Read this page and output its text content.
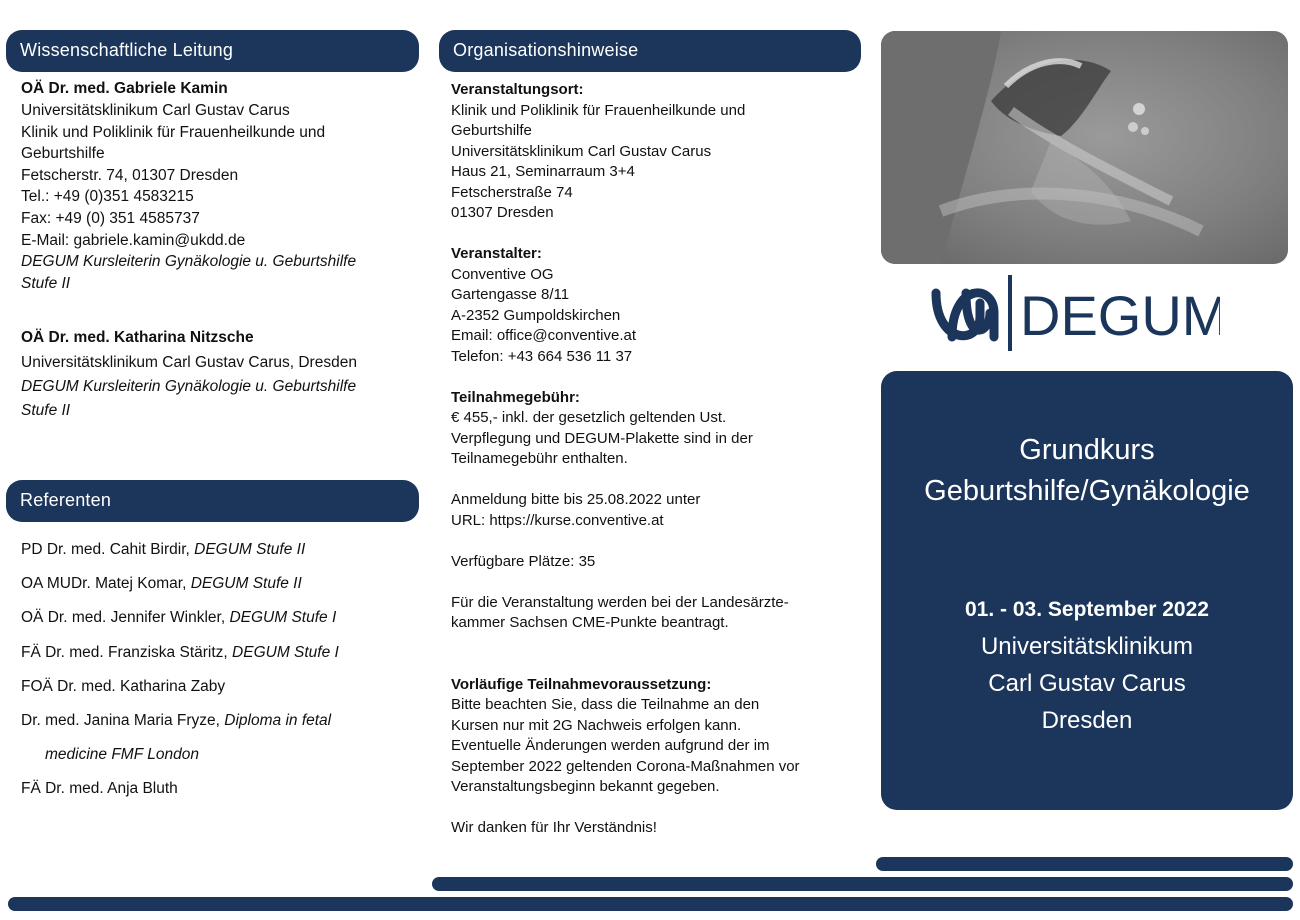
Wissenschaftliche Leitung

OÄ Dr. med. Gabriele Kamin

Universitätsklinikum Carl Gustav Carus

Klinik und Poliklinik für Frauenheilkunde und

Geburtshilfe

Fetscherstr. 74, 01307 Dresden

Tel.: +49 (0)351 4583215

Fax: +49 (0) 351 4585737

E-Mail: gabriele.kamin@ukdd.de

DEGUM Kursleiterin Gynäkologie u. Geburtshilfe

Stufe II

OÄ Dr. med. Katharina Nitzsche

Universitätsklinikum Carl Gustav Carus, Dresden

DEGUM Kursleiterin Gynäkologie u. Geburtshilfe

Stufe II

Referenten

PD Dr. med. Cahit Birdir, DEGUM Stufe II

OA MUDr. Matej Komar, DEGUM Stufe II

OÄ Dr. med. Jennifer Winkler, DEGUM Stufe I

FÄ Dr. med. Franziska Stäritz, DEGUM Stufe I

FOÄ Dr. med. Katharina Zaby

Dr. med. Janina Maria Fryze, Diploma in fetal

medicine FMF London

FÄ Dr. med. Anja Bluth

Organisationshinweise

Veranstaltungsort:

Klinik und Poliklinik für Frauenheilkunde und

Geburtshilfe

Universitätsklinikum Carl Gustav Carus

Haus 21, Seminarraum 3+4

Fetscherstraße 74

01307 Dresden

Veranstalter:

Conventive OG

Gartengasse 8/11

A-2352 Gumpoldskirchen

Email: office@conventive.at

Telefon: +43 664 536 11 37

Teilnahmegebühr:

€ 455,- inkl. der gesetzlich geltenden Ust.

Verpflegung und DEGUM-Plakette sind in der

Teilnamegebühr enthalten.

Anmeldung bitte bis 25.08.2022 unter

URL: https://kurse.conventive.at

Verfügbare Plätze: 35

Für die Veranstaltung werden bei der Landesärzte-

kammer Sachsen CME-Punkte beantragt.

Vorläufige Teilnahmevoraussetzung:

Bitte beachten Sie, dass die Teilnahme an den

Kursen nur mit 2G Nachweis erfolgen kann.

Eventuelle Änderungen werden aufgrund der im

September 2022 geltenden Corona-Maßnahmen vor

Veranstaltungsbeginn bekannt gegeben.

Wir danken für Ihr Verständnis!

DEGUM
Grundkurs
Geburtshilfe/Gynäkologie
01. - 03. September 2022
Universitätsklinikum
Carl Gustav Carus
Dresden
